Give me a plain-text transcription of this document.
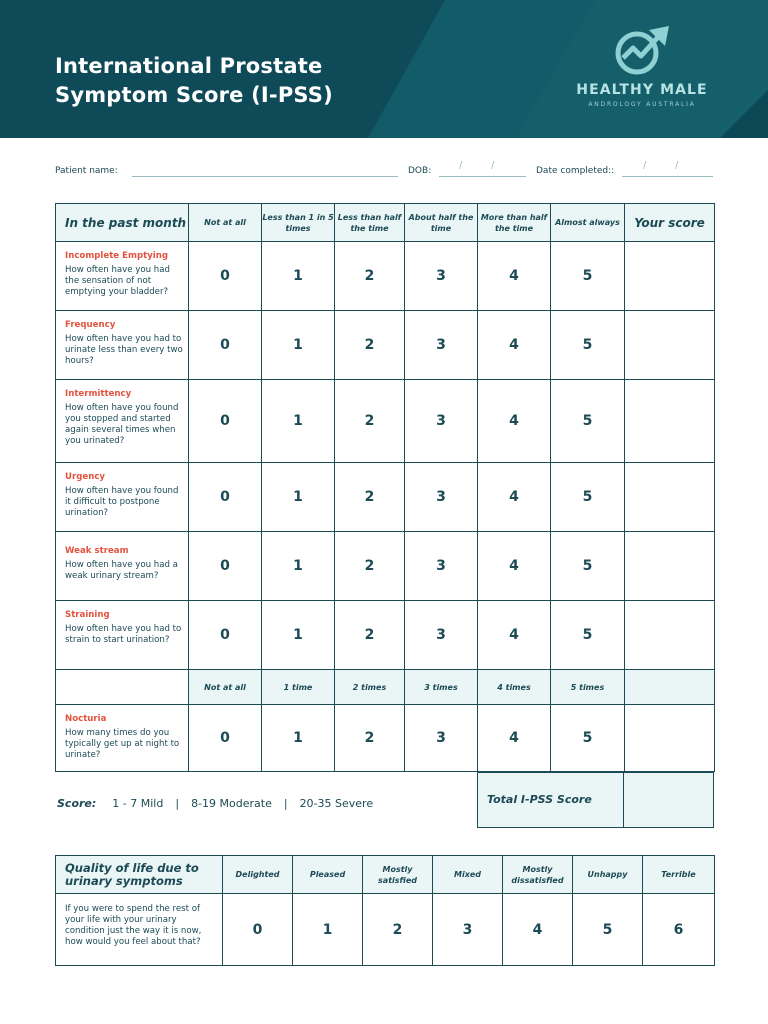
International Prostate
Symptom Score (I-PSS)	HEALTHY MALE
ANDROLOGY AUSTRALIA
Patient name:	DOB:	/	/	Date completed::	/	/
In the past month	Not at all	Less than 1 in 5 times	Less than half the time	About half the time	More than half the time	Almost always	Your score

Incomplete Emptying
How often have you had the sensation of not emptying your bladder?	0	1	2	3	4	5	

Frequency
How often have you had to urinate less than every two hours?	0	1	2	3	4	5	

Intermittency
How often have you found you stopped and started again several times when you urinated?	0	1	2	3	4	5	

Urgency
How often have you found it difficult to postpone urination?	0	1	2	3	4	5	

Weak stream
How often have you had a weak urinary stream?	0	1	2	3	4	5	

Straining
How often have you had to strain to start urination?	0	1	2	3	4	5	
	Not at all	1 time	2 times	3 times	4 times	5 times	

Nocturia
How many times do you typically get up at night to urinate?	0	1	2	3	4	5	
Score: 1 - 7 Mild | 8-19 Moderate | 20-35 Severe	Total I-PSS Score	
Quality of life due to urinary symptoms	Delighted	Pleased	Mostly satisfied	Mixed	Mostly dissatisfied	Unhappy	Terrible
If you were to spend the rest of your life with your urinary condition just the way it is now, how would you feel about that?	0	1	2	3	4	5	6
